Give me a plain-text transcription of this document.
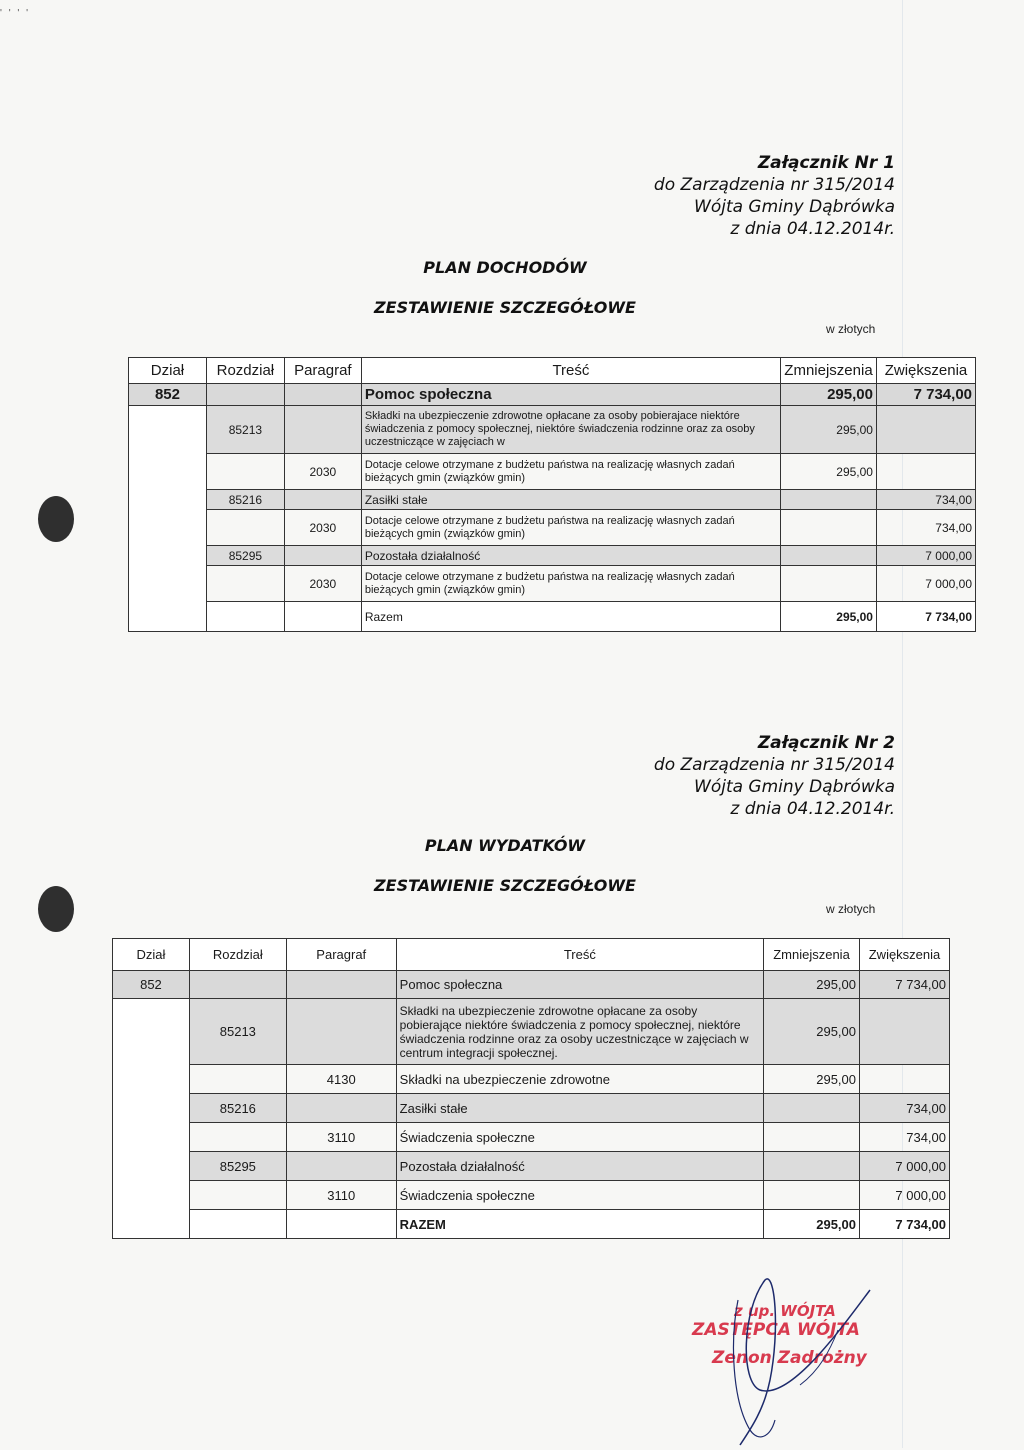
' ' ' '
Załącznik Nr 1
do Zarządzenia nr 315/2014
Wójta Gminy Dąbrówka
z dnia 04.12.2014r.
PLAN DOCHODÓW
ZESTAWIENIE SZCZEGÓŁOWE
w złotych
Dział	Rozdział	Paragraf	Treść	Zmniejszenia	Zwiększenia
852			Pomoc społeczna	295,00	7 734,00
	85213		Składki na ubezpieczenie zdrowotne opłacane za osoby pobierajace niektóre świadczenia z pomocy społecznej, niektóre świadczenia rodzinne oraz za osoby uczestniczące w zajęciach w	295,00	
		2030	Dotacje celowe otrzymane z budżetu państwa na realizację własnych zadań bieżących gmin (związków gmin)	295,00	
	85216		Zasiłki stałe		734,00
		2030	Dotacje celowe otrzymane z budżetu państwa na realizację własnych zadań bieżących gmin (związków gmin)		734,00
	85295		Pozostała działalność		7 000,00
		2030	Dotacje celowe otrzymane z budżetu państwa na realizację własnych zadań bieżących gmin (związków gmin)		7 000,00
			Razem	295,00	7 734,00
Załącznik Nr 2
do Zarządzenia nr 315/2014
Wójta Gminy Dąbrówka
z dnia 04.12.2014r.
PLAN WYDATKÓW
ZESTAWIENIE SZCZEGÓŁOWE
w złotych
Dział	Rozdział	Paragraf	Treść	Zmniejszenia	Zwiększenia
852			Pomoc społeczna	295,00	7 734,00
	85213		Składki na ubezpieczenie zdrowotne opłacane za osoby pobierające niektóre świadczenia z pomocy społecznej, niektóre świadczenia rodzinne oraz za osoby uczestniczące w zajęciach w centrum integracji społecznej.	295,00	
		4130	Składki na ubezpieczenie zdrowotne	295,00	
	85216		Zasiłki stałe		734,00
		3110	Świadczenia społeczne		734,00
	85295		Pozostała działalność		7 000,00
		3110	Świadczenia społeczne		7 000,00
			RAZEM	295,00	7 734,00
z up. WÓJTA
ZASTĘPCA WÓJTA
Zenon Zadrożny
